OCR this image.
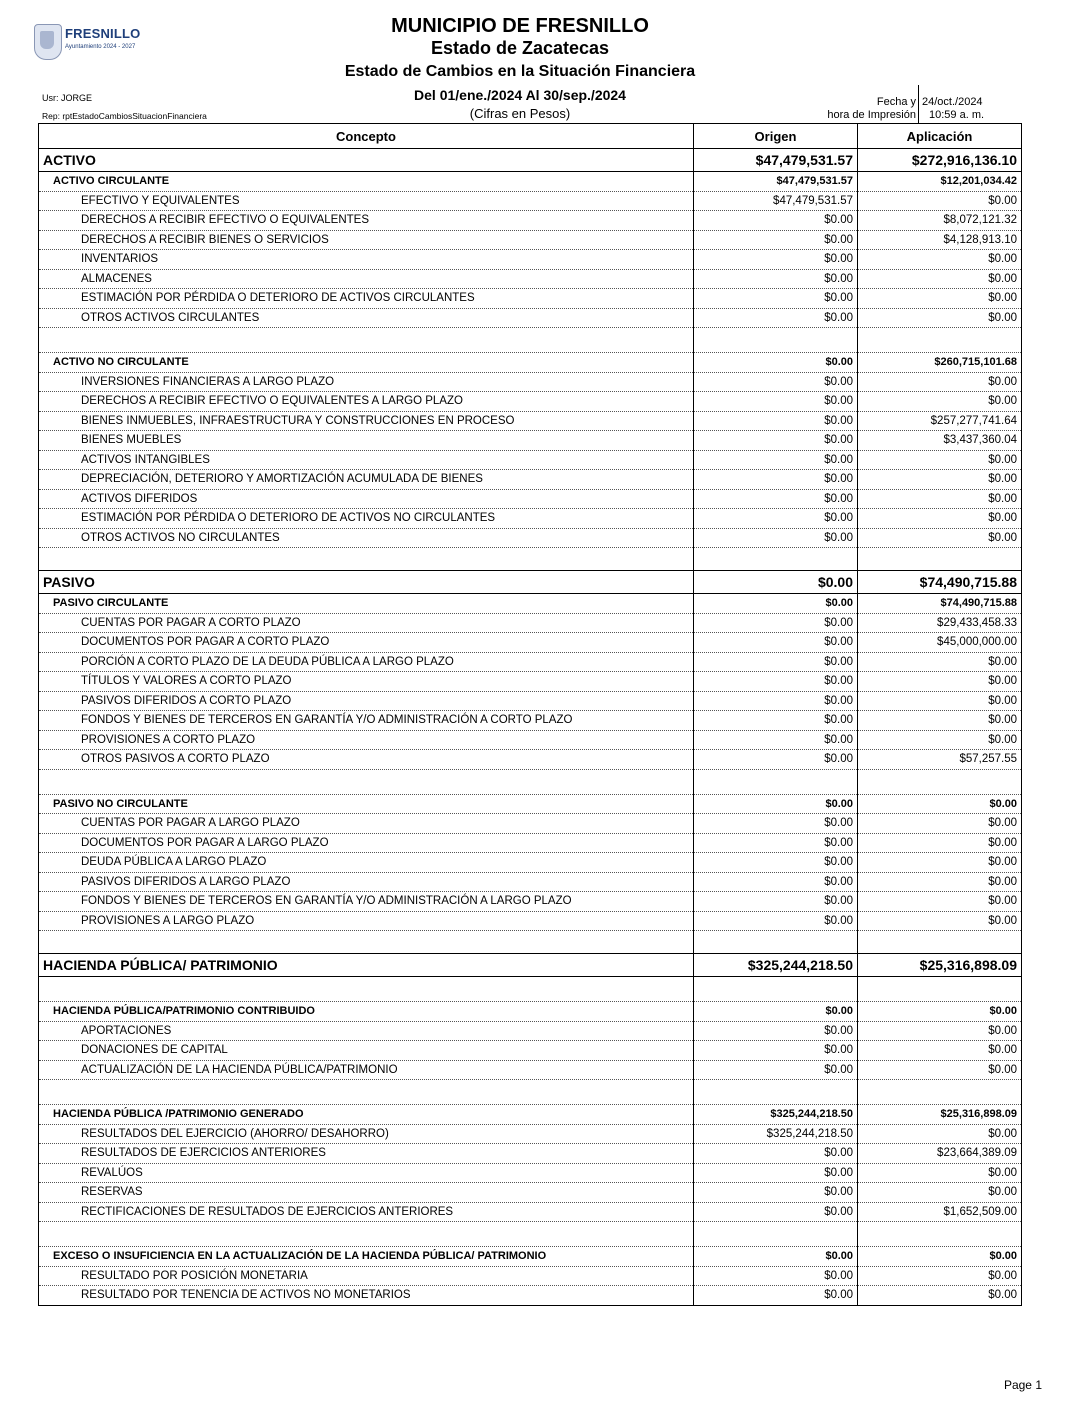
FRESNILLO
Ayuntamiento 2024 - 2027
MUNICIPIO DE FRESNILLO
Estado de Zacatecas
Estado de Cambios en la Situación Financiera
Del 01/ene./2024 Al 30/sep./2024
(Cifras en Pesos)
Usr: JORGE
Rep: rptEstadoCambiosSituacionFinanciera
Fecha y
hora de Impresión
24/oct./2024
10:59 a. m.
Concepto	Origen	Aplicación
ACTIVO	$47,479,531.57	$272,916,136.10
ACTIVO CIRCULANTE	$47,479,531.57	$12,201,034.42
EFECTIVO Y EQUIVALENTES	$47,479,531.57	$0.00
DERECHOS A RECIBIR EFECTIVO O EQUIVALENTES	$0.00	$8,072,121.32
DERECHOS A RECIBIR BIENES O SERVICIOS	$0.00	$4,128,913.10
INVENTARIOS	$0.00	$0.00
ALMACENES	$0.00	$0.00
ESTIMACIÓN POR PÉRDIDA O DETERIORO DE ACTIVOS CIRCULANTES	$0.00	$0.00
OTROS ACTIVOS CIRCULANTES	$0.00	$0.00

ACTIVO NO CIRCULANTE	$0.00	$260,715,101.68
INVERSIONES FINANCIERAS A LARGO PLAZO	$0.00	$0.00
DERECHOS A RECIBIR EFECTIVO O EQUIVALENTES A LARGO PLAZO	$0.00	$0.00
BIENES INMUEBLES, INFRAESTRUCTURA Y CONSTRUCCIONES EN PROCESO	$0.00	$257,277,741.64
BIENES MUEBLES	$0.00	$3,437,360.04
ACTIVOS INTANGIBLES	$0.00	$0.00
DEPRECIACIÓN, DETERIORO Y AMORTIZACIÓN ACUMULADA DE BIENES	$0.00	$0.00
ACTIVOS DIFERIDOS	$0.00	$0.00
ESTIMACIÓN POR PÉRDIDA O DETERIORO DE ACTIVOS NO CIRCULANTES	$0.00	$0.00
OTROS ACTIVOS NO CIRCULANTES	$0.00	$0.00

PASIVO	$0.00	$74,490,715.88
PASIVO CIRCULANTE	$0.00	$74,490,715.88
CUENTAS POR PAGAR A CORTO PLAZO	$0.00	$29,433,458.33
DOCUMENTOS POR PAGAR A CORTO PLAZO	$0.00	$45,000,000.00
PORCIÓN A CORTO PLAZO DE LA DEUDA PÚBLICA A LARGO PLAZO	$0.00	$0.00
TÍTULOS Y VALORES A CORTO PLAZO	$0.00	$0.00
PASIVOS DIFERIDOS A CORTO PLAZO	$0.00	$0.00
FONDOS Y BIENES DE TERCEROS EN GARANTÍA Y/O ADMINISTRACIÓN A CORTO PLAZO	$0.00	$0.00
PROVISIONES A CORTO PLAZO	$0.00	$0.00
OTROS PASIVOS A CORTO PLAZO	$0.00	$57,257.55

PASIVO NO CIRCULANTE	$0.00	$0.00
CUENTAS POR PAGAR A LARGO PLAZO	$0.00	$0.00
DOCUMENTOS POR PAGAR A LARGO PLAZO	$0.00	$0.00
DEUDA PÚBLICA A LARGO PLAZO	$0.00	$0.00
PASIVOS DIFERIDOS A LARGO PLAZO	$0.00	$0.00
FONDOS Y BIENES DE TERCEROS EN GARANTÍA Y/O ADMINISTRACIÓN A LARGO PLAZO	$0.00	$0.00
PROVISIONES A LARGO PLAZO	$0.00	$0.00

HACIENDA PÚBLICA/ PATRIMONIO	$325,244,218.50	$25,316,898.09

HACIENDA PÚBLICA/PATRIMONIO CONTRIBUIDO	$0.00	$0.00
APORTACIONES	$0.00	$0.00
DONACIONES DE CAPITAL	$0.00	$0.00
ACTUALIZACIÓN DE LA HACIENDA PÚBLICA/PATRIMONIO	$0.00	$0.00

HACIENDA PÚBLICA /PATRIMONIO GENERADO	$325,244,218.50	$25,316,898.09
RESULTADOS DEL EJERCICIO (AHORRO/ DESAHORRO)	$325,244,218.50	$0.00
RESULTADOS DE EJERCICIOS ANTERIORES	$0.00	$23,664,389.09
REVALÚOS	$0.00	$0.00
RESERVAS	$0.00	$0.00
RECTIFICACIONES DE RESULTADOS DE EJERCICIOS ANTERIORES	$0.00	$1,652,509.00

EXCESO O INSUFICIENCIA EN LA ACTUALIZACIÓN DE LA HACIENDA PÚBLICA/ PATRIMONIO	$0.00	$0.00
RESULTADO POR POSICIÓN MONETARIA	$0.00	$0.00
RESULTADO POR TENENCIA DE ACTIVOS NO MONETARIOS	$0.00	$0.00
Page 1
